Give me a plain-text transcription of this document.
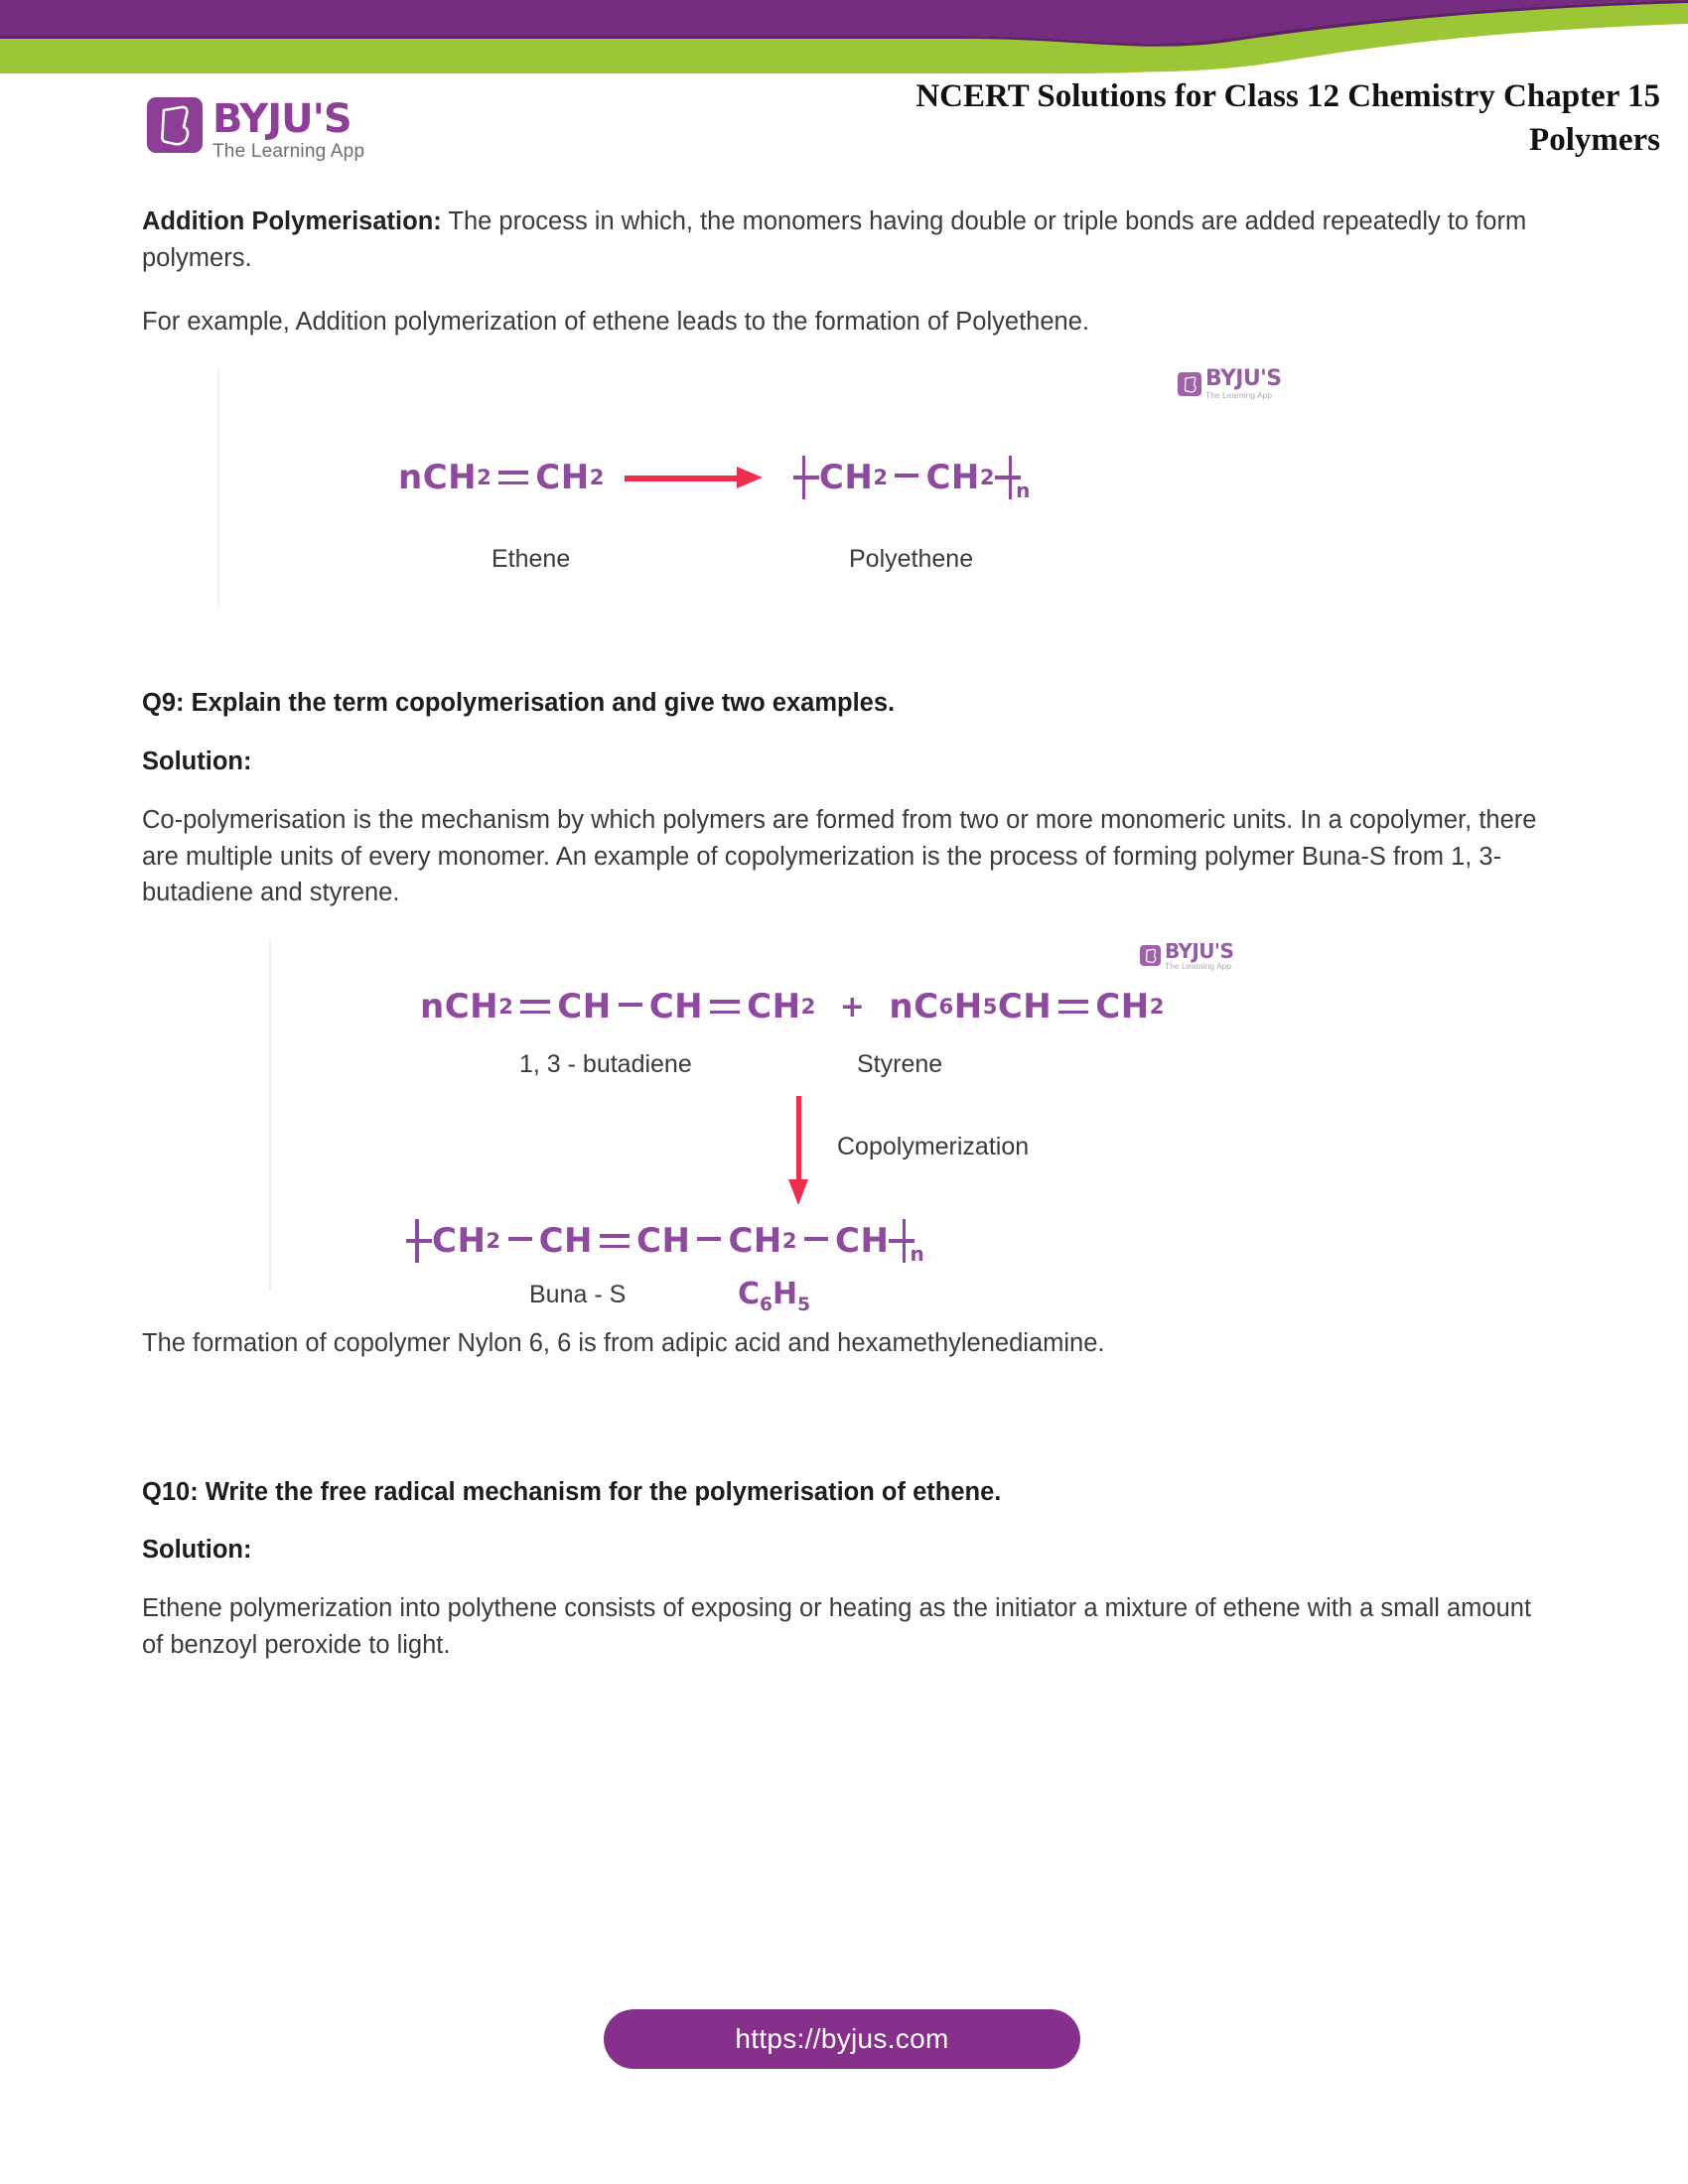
BYJU'S
The Learning App
NCERT Solutions for Class 12 Chemistry Chapter 15
Polymers

Addition Polymerisation: The process in which, the monomers having double or triple bonds are added repeatedly to form polymers.

For example, Addition polymerization of ethene leads to the formation of Polyethene.

BYJU'S
The Learning App
nCH 2 CH 2	CH 2 CH 2
n
Ethene	Polyethene

Q9: Explain the term copolymerisation and give two examples.

Solution:

Co-polymerisation is the mechanism by which polymers are formed from two or more monomeric units. In a copolymer, there are multiple units of every monomer. An example of copolymerization is the process of forming polymer Buna-S from 1, 3-butadiene and styrene.

BYJU'S
The Learning App
nCH 2 CH CH CH 2 + nC 6 H 5 CH CH 2
1, 3 - butadiene	Styrene
Copolymerization
CH 2 CH CH CH 2 CH n
Buna - S	$C_6H_5$

The formation of copolymer Nylon 6, 6 is from adipic acid and hexamethylenediamine.

Q10: Write the free radical mechanism for the polymerisation of ethene.

Solution:

Ethene polymerization into polythene consists of exposing or heating as the initiator a mixture of ethene with a small amount of benzoyl peroxide to light.

https://byjus.com
